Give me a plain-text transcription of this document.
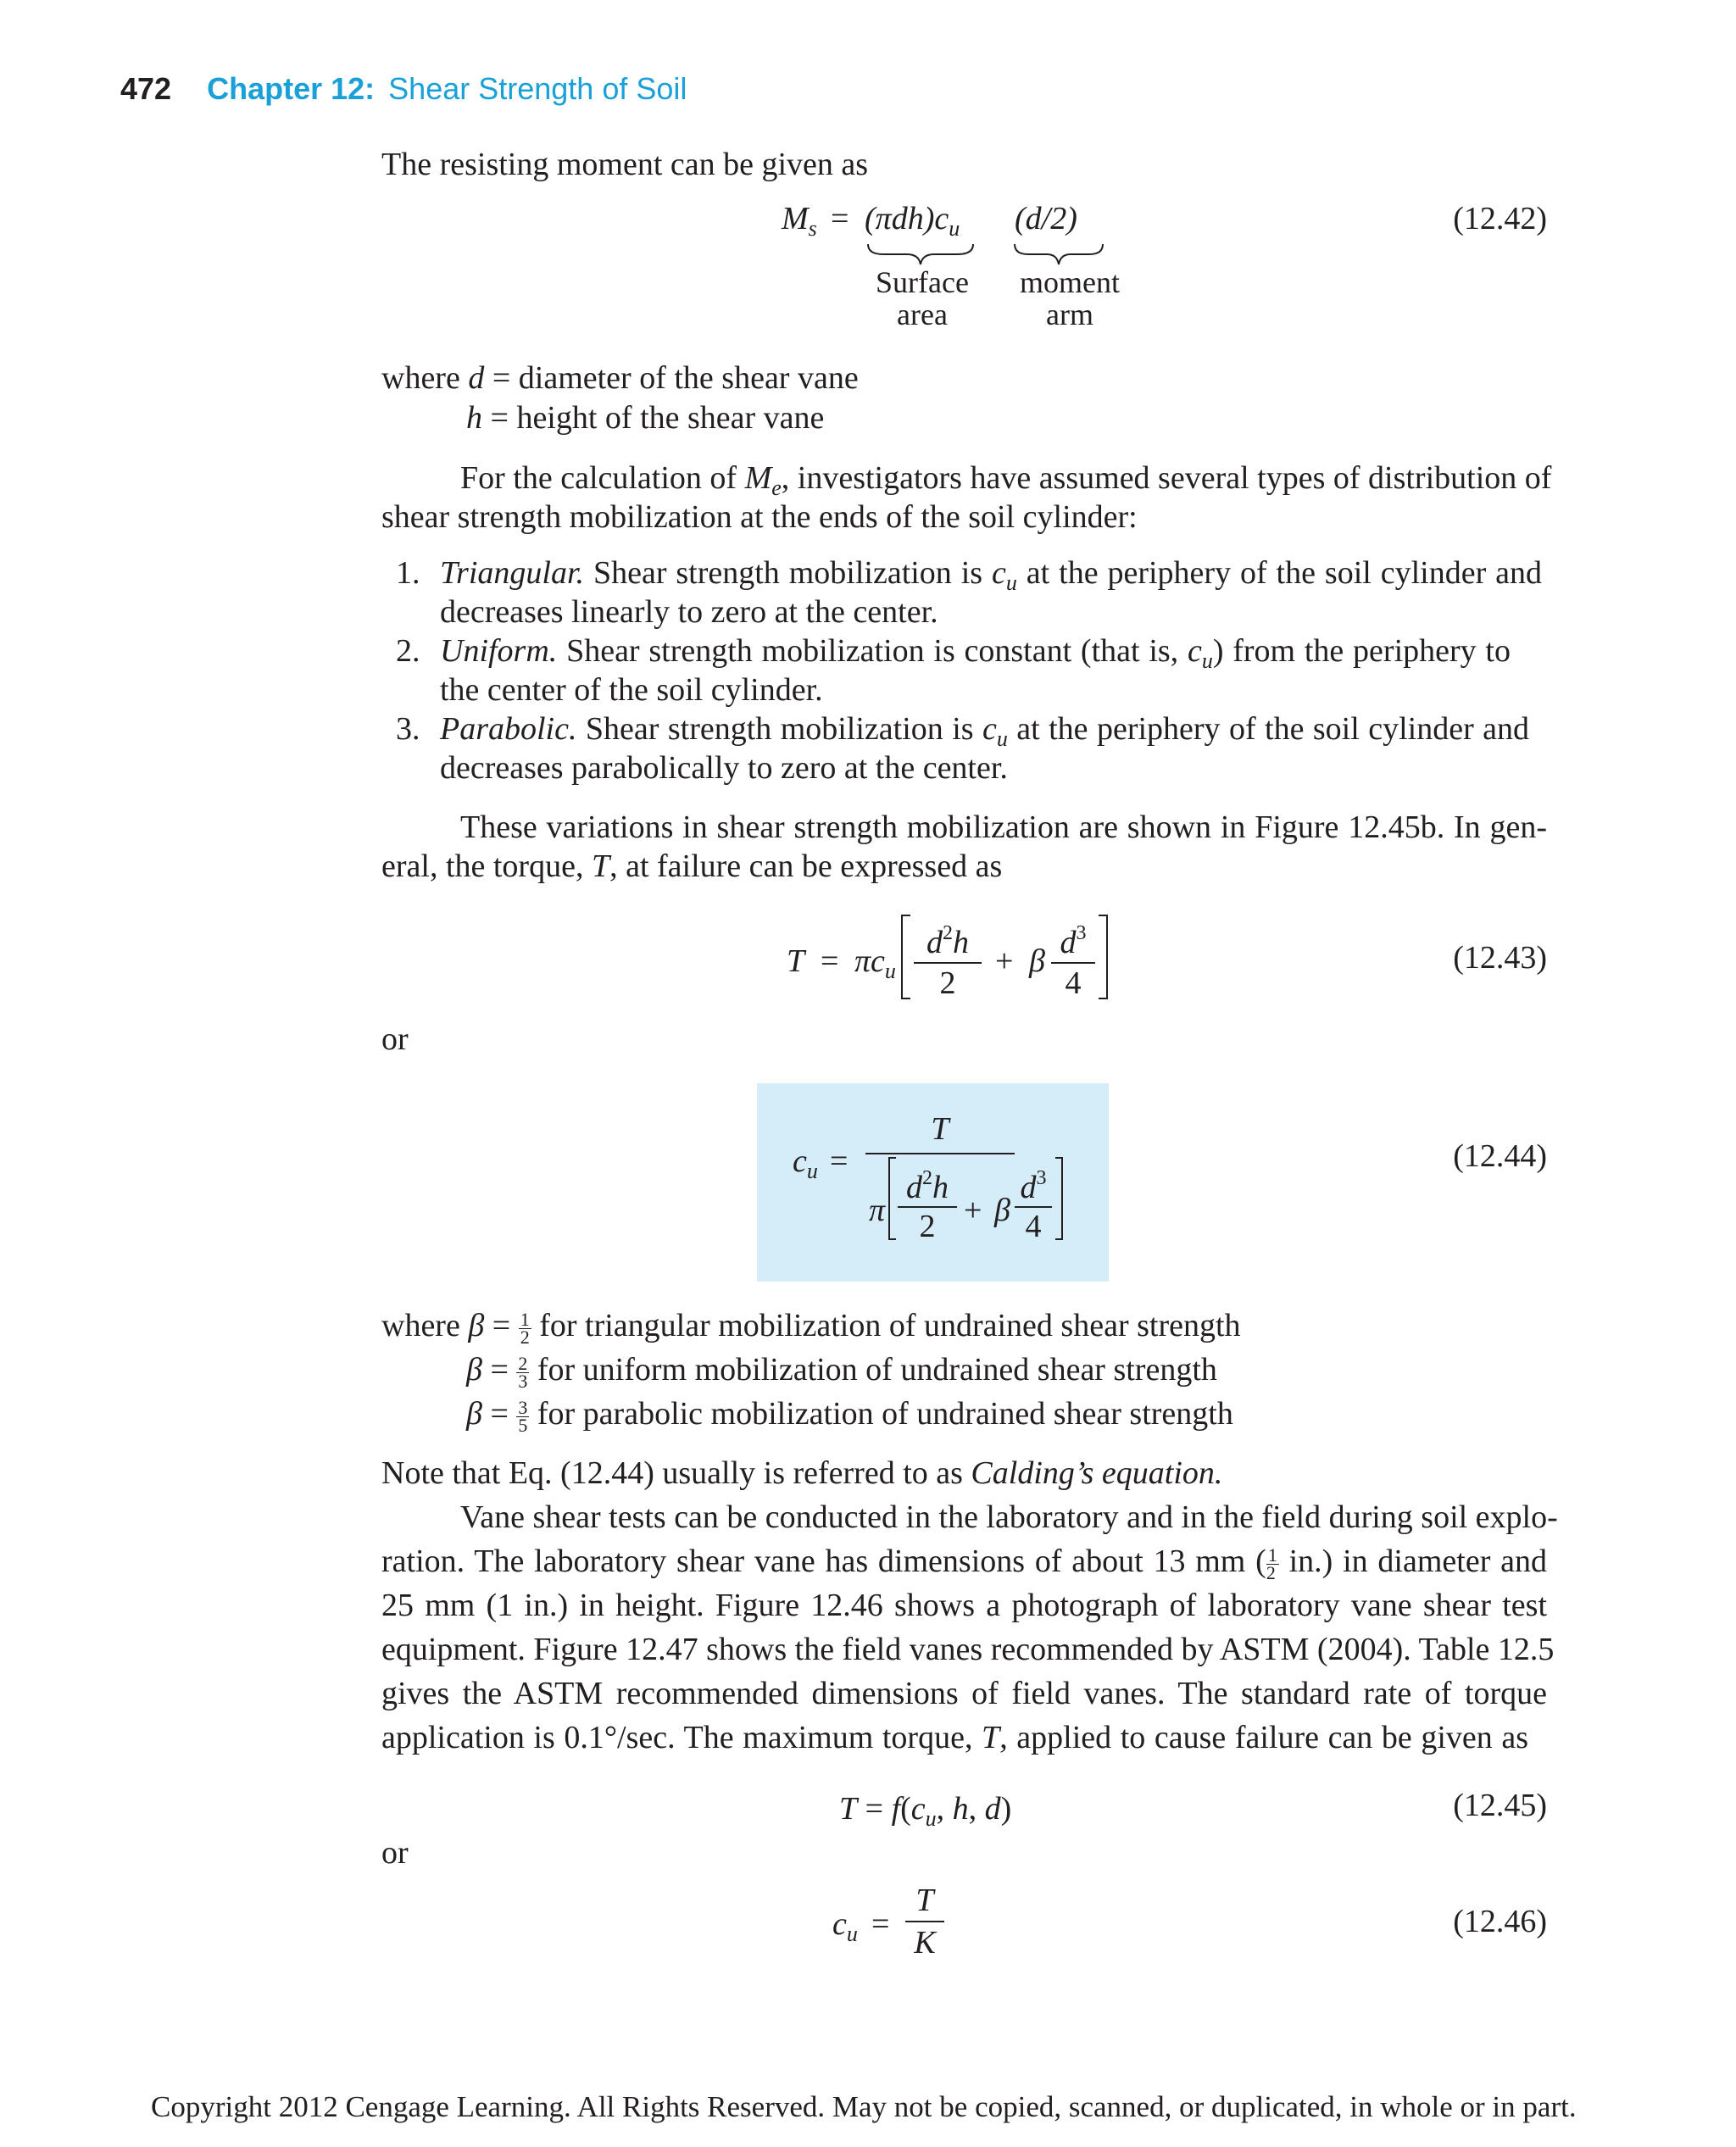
472 Chapter 12: Shear Strength of Soil
The resisting moment can be given as
$M_s = (\pi dh)c_u$ (d/2)
Surface
area
moment
arm
(12.42)
where d = diameter of the shear vane
h = height of the shear vane
For the calculation of $M_e$, investigators have assumed several types of distribution of
shear strength mobilization at the ends of the soil cylinder:
1. Triangular. Shear strength mobilization is $c_u$ at the periphery of the soil cylinder and
decreases linearly to zero at the center.
2. Uniform. Shear strength mobilization is constant (that is, $c_u$) from the periphery to
the center of the soil cylinder.
3. Parabolic. Shear strength mobilization is $c_u$ at the periphery of the soil cylinder and
decreases parabolically to zero at the center.
These variations in shear strength mobilization are shown in Figure 12.45b. In gen-
eral, the torque, T, at failure can be expressed as
$T = \pi c_u$
$d^2h$
2
+ β
$d^3$
4
(12.43)
or
$c_u$ =
T
π
$d^2h$
2 + β
$d^3$
4
(12.44)
where $\beta = \frac{1}{2}$ for triangular mobilization of undrained shear strength
$\beta = \frac{2}{3}$ for uniform mobilization of undrained shear strength
$\beta = \frac{3}{5}$ for parabolic mobilization of undrained shear strength
Note that Eq. (12.44) usually is referred to as Calding’s equation.
Vane shear tests can be conducted in the laboratory and in the field during soil explo-
ration. The laboratory shear vane has dimensions of about 13 mm ( $\frac{1}{2} in$.) in diameter and
25 mm (1 in.) in height. Figure 12.46 shows a photograph of laboratory vane shear test
equipment. Figure 12.47 shows the field vanes recommended by ASTM (2004). Table 12.5
gives the ASTM recommended dimensions of field vanes. The standard rate of torque
application is 0.1°/sec. The maximum torque, T, applied to cause failure can be given as
$T = f(c_u$, h, d)	(12.45)
or
$c_u$ =
T
K
(12.46)
Copyright 2012 Cengage Learning. All Rights Reserved. May not be copied, scanned, or duplicated, in whole or in part.
